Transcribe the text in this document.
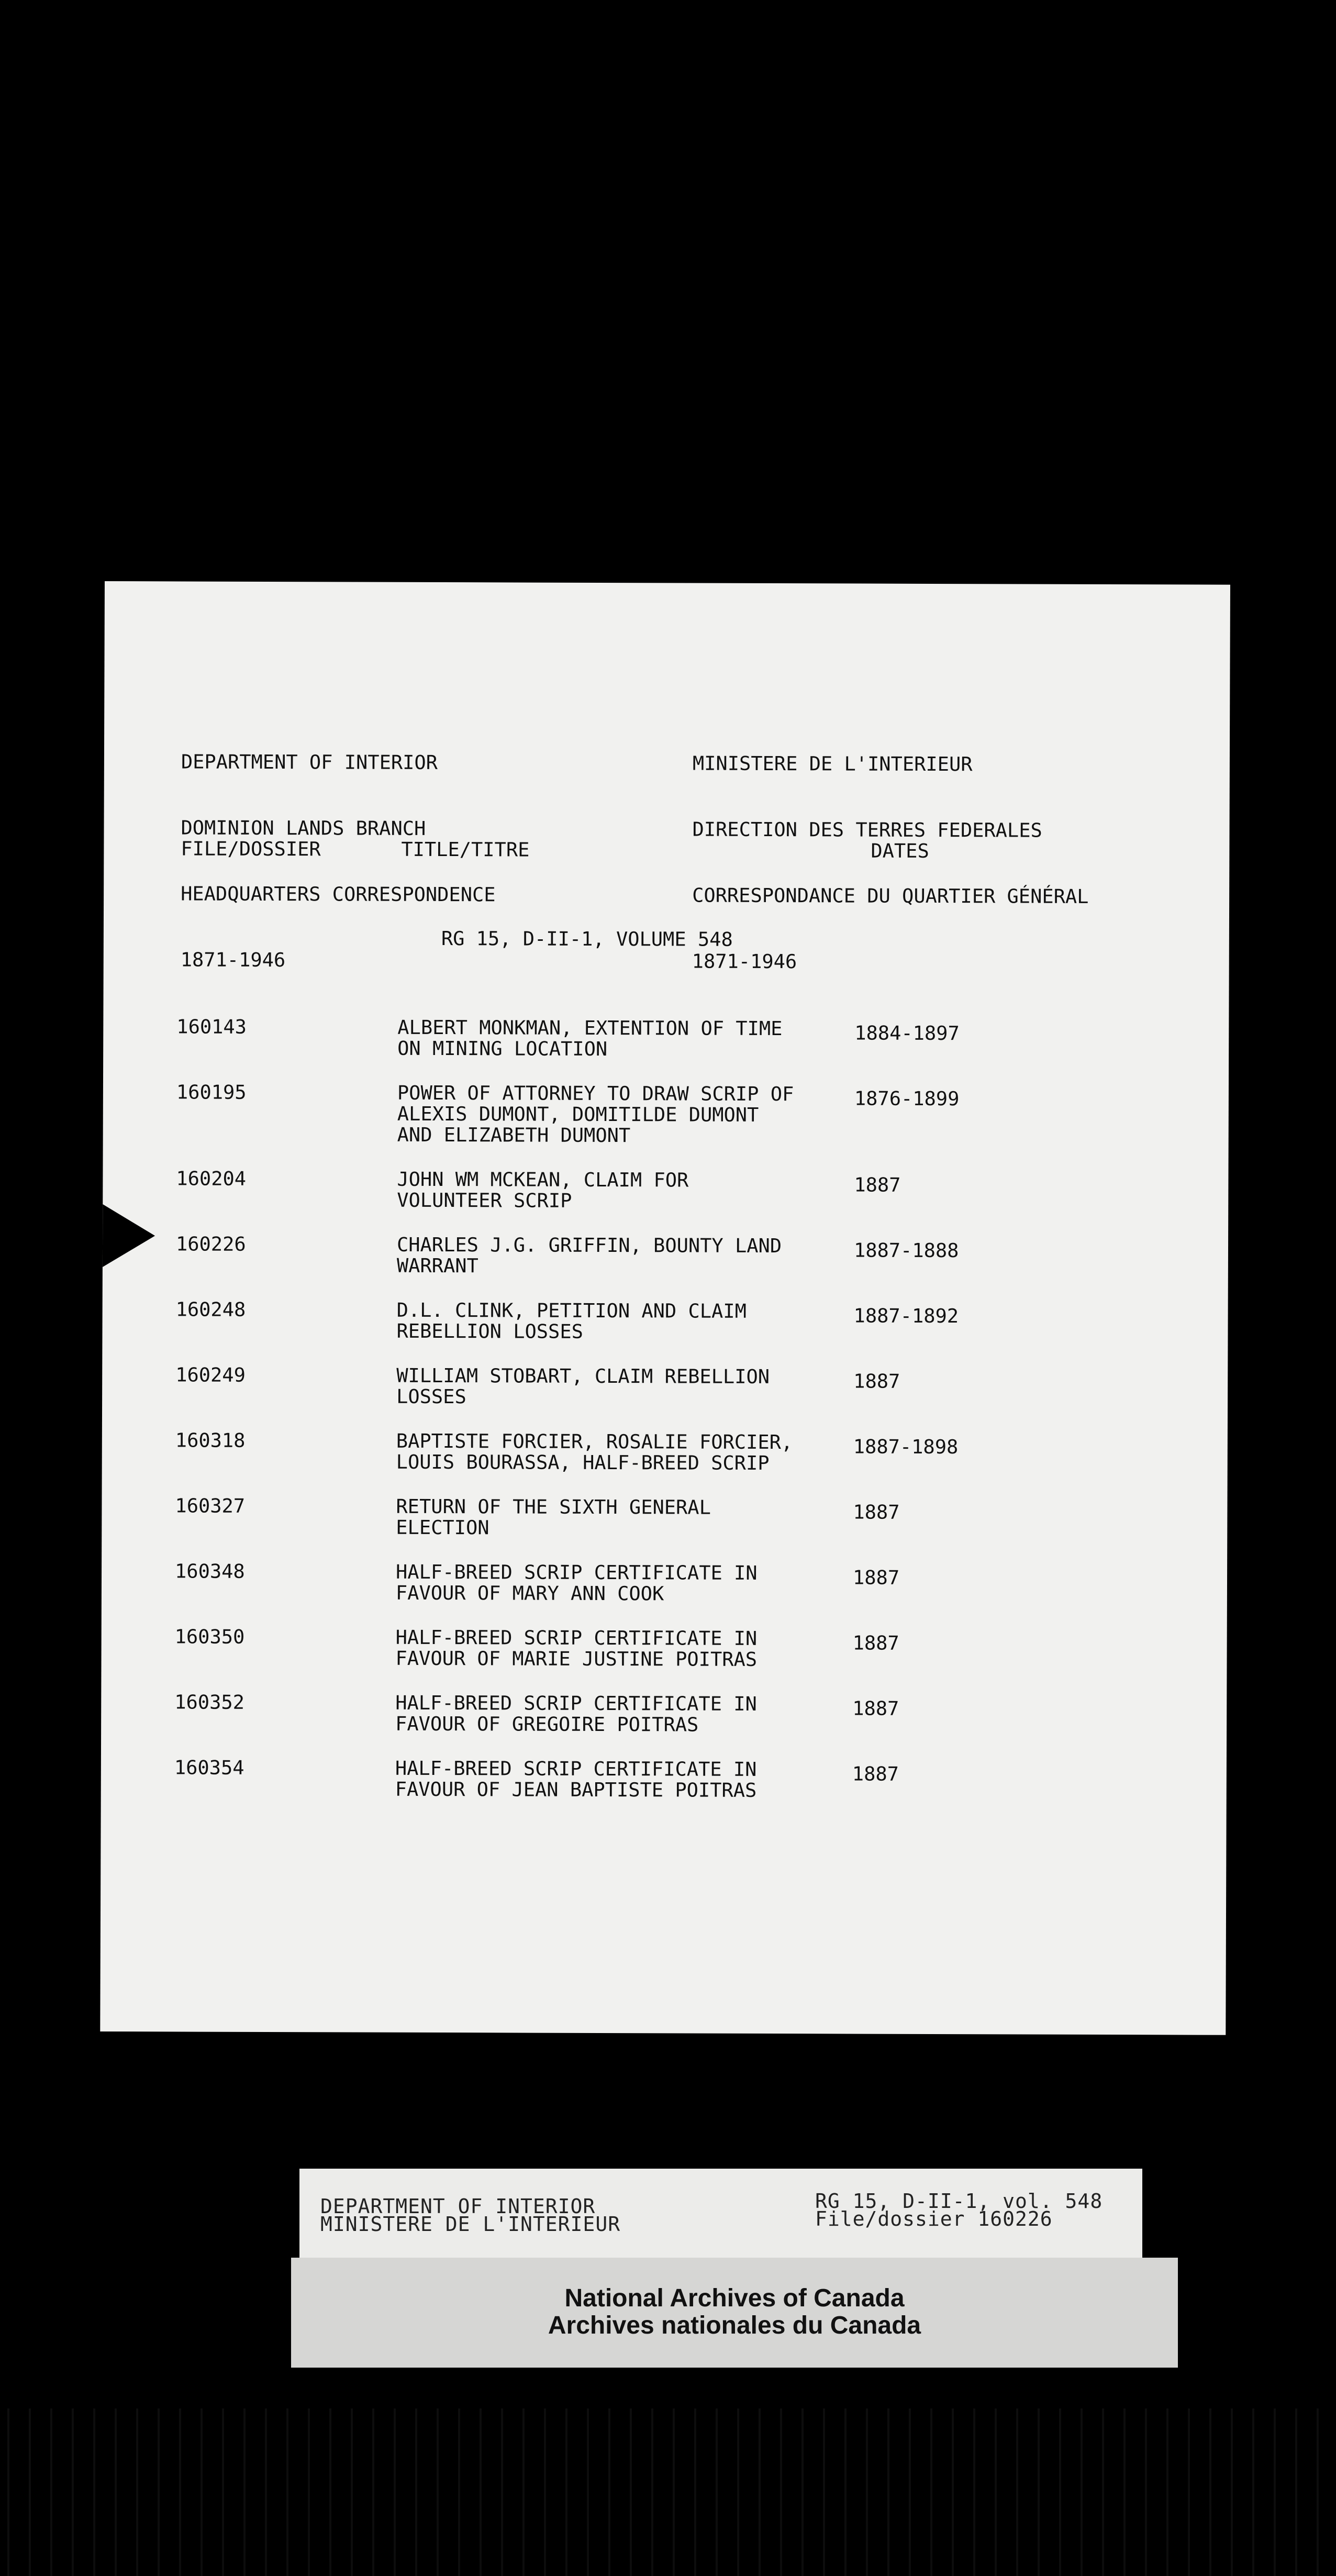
DEPARTMENT OF INTERIOR

DOMINION LANDS BRANCH

HEADQUARTERS CORRESPONDENCE

1871-1946

MINISTERE DE L'INTERIEUR

DIRECTION DES TERRES FEDERALES

CORRESPONDANCE DU QUARTIER GÉNÉRAL

1871-1946

FILE/DOSSIER	TITLE/TITRE	DATES
RG 15, D-II-1, VOLUME 548
160143	ALBERT MONKMAN, EXTENTION OF TIME
ON MINING LOCATION
1884-1897
160195	POWER OF ATTORNEY TO DRAW SCRIP OF
ALEXIS DUMONT, DOMITILDE DUMONT
AND ELIZABETH DUMONT
1876-1899
160204	JOHN WM MCKEAN, CLAIM FOR
VOLUNTEER SCRIP
1887
160226	CHARLES J.G. GRIFFIN, BOUNTY LAND
WARRANT
1887-1888
160248	D.L. CLINK, PETITION AND CLAIM
REBELLION LOSSES
1887-1892
160249	WILLIAM STOBART, CLAIM REBELLION
LOSSES
1887
160318	BAPTISTE FORCIER, ROSALIE FORCIER,
LOUIS BOURASSA, HALF-BREED SCRIP
1887-1898
160327	RETURN OF THE SIXTH GENERAL
ELECTION
1887
160348	HALF-BREED SCRIP CERTIFICATE IN
FAVOUR OF MARY ANN COOK
1887
160350	HALF-BREED SCRIP CERTIFICATE IN
FAVOUR OF MARIE JUSTINE POITRAS
1887
160352	HALF-BREED SCRIP CERTIFICATE IN
FAVOUR OF GREGOIRE POITRAS
1887
160354	HALF-BREED SCRIP CERTIFICATE IN
FAVOUR OF JEAN BAPTISTE POITRAS
1887
DEPARTMENT OF INTERIOR
MINISTERE DE L'INTERIEUR
RG 15, D-II-1, vol. 548
File/dossier 160226
National Archives of Canada
Archives nationales du Canada
